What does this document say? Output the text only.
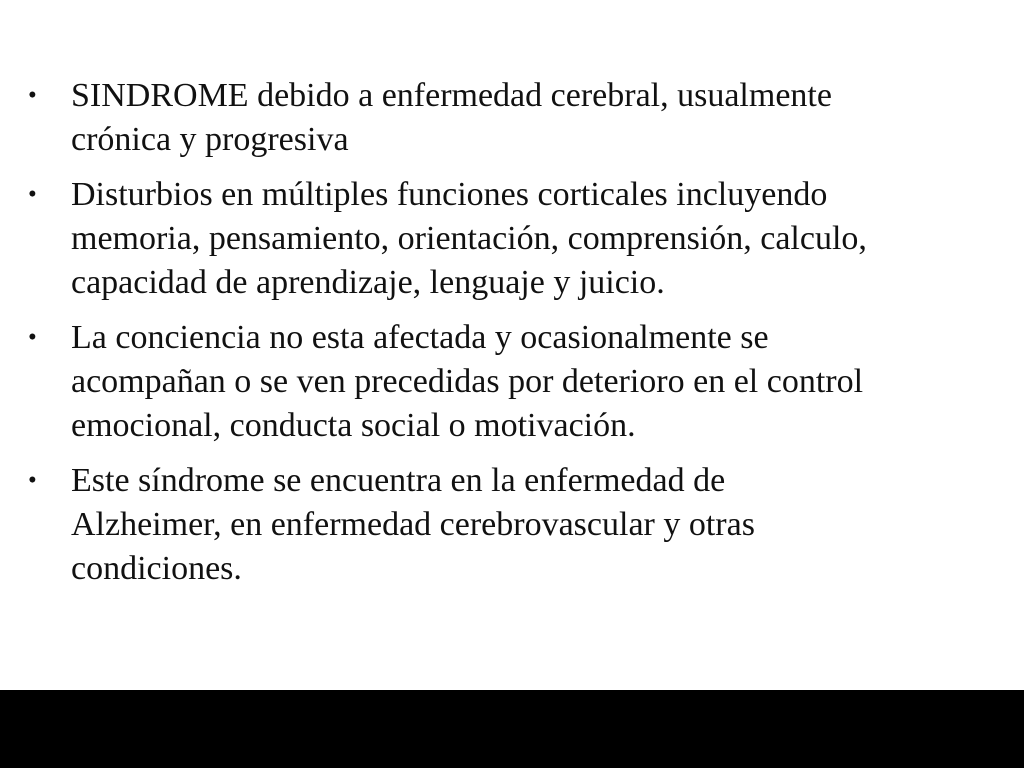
• SINDROME debido a enfermedad cerebral, usualmente
crónica y progresiva
• Disturbios en múltiples funciones corticales incluyendo
memoria, pensamiento, orientación, comprensión, calculo,
capacidad de aprendizaje, lenguaje y juicio.
• La conciencia no esta afectada y ocasionalmente se
acompañan o se ven precedidas por deterioro en el control
emocional, conducta social o motivación.
• Este síndrome se encuentra en la enfermedad de
Alzheimer, en enfermedad cerebrovascular y otras
condiciones.
